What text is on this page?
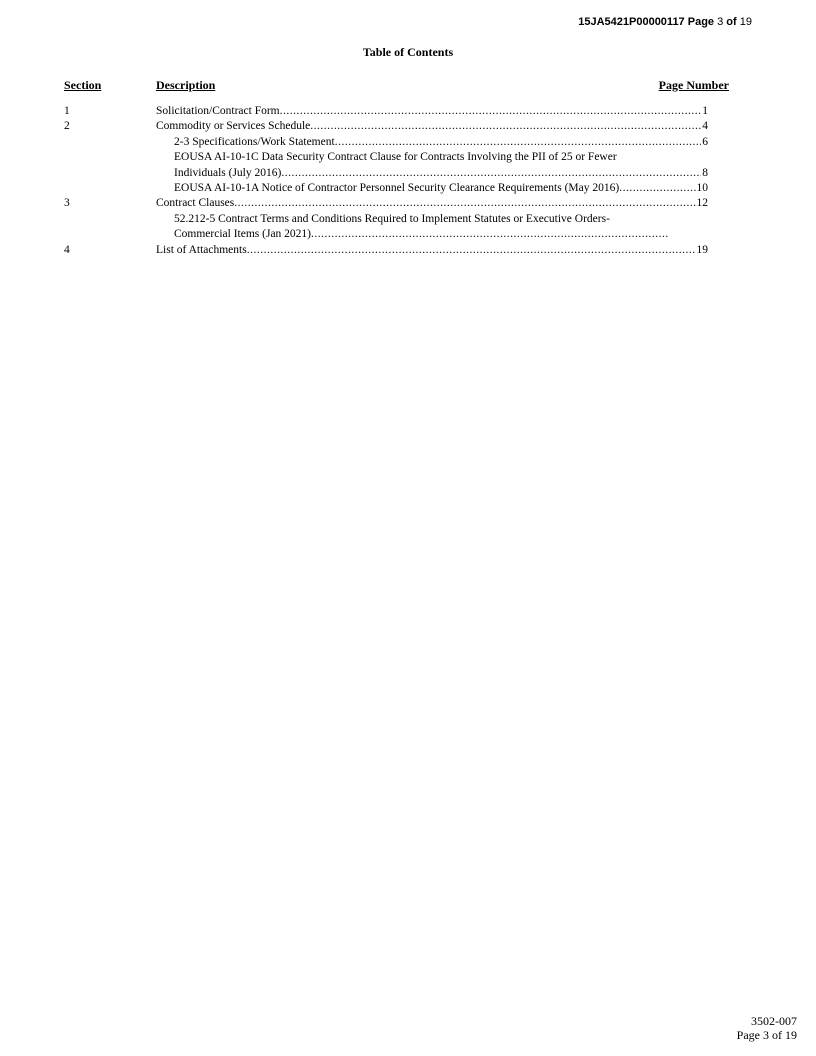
15JA5421P00000117 Page 3 of 19
Table of Contents
Section	Description	Page Number
1	Solicitation/Contract Form .....	1
2	Commodity or Services Schedule .....	4
2-3 Specifications/Work Statement .....	6
EOUSA AI-10-1C Data Security Contract Clause for Contracts Involving the PII of 25 or Fewer
Individuals (July 2016) .....	8
EOUSA AI-10-1A Notice of Contractor Personnel Security Clearance Requirements (May 2016) .....	10
3	Contract Clauses .....	12
52.212-5 Contract Terms and Conditions Required to Implement Statutes or Executive Orders-
Commercial Items (Jan 2021)
.....
4	List of Attachments .....	19
3502-007
Page 3 of 19
